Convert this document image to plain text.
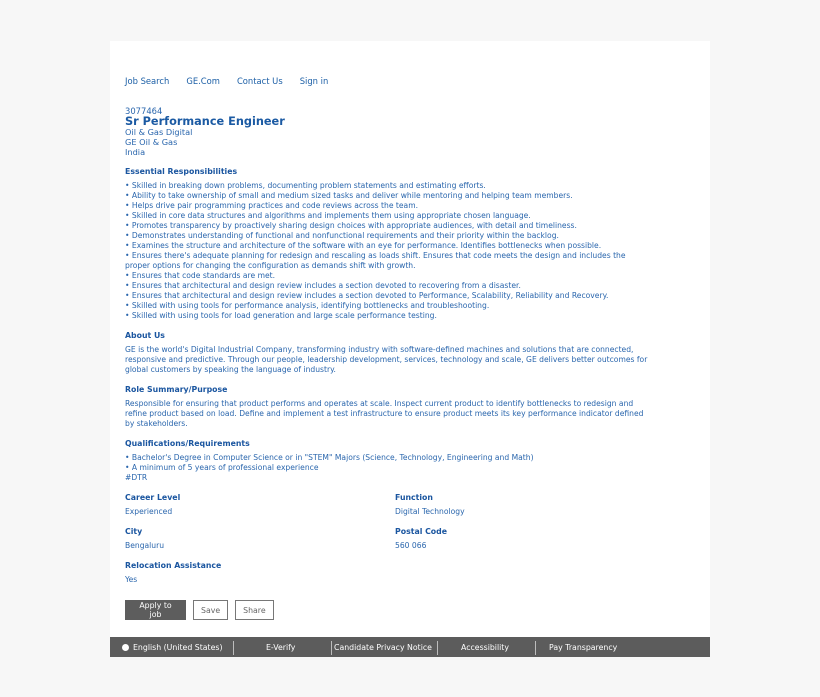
Job Search GE.Com Contact Us Sign in
3077464
Sr Performance Engineer
Oil & Gas Digital
GE Oil & Gas
India
Essential Responsibilities
• Skilled in breaking down problems, documenting problem statements and estimating efforts.
• Ability to take ownership of small and medium sized tasks and deliver while mentoring and helping team members.
• Helps drive pair programming practices and code reviews across the team.
• Skilled in core data structures and algorithms and implements them using appropriate chosen language.
• Promotes transparency by proactively sharing design choices with appropriate audiences, with detail and timeliness.
• Demonstrates understanding of functional and nonfunctional requirements and their priority within the backlog.
• Examines the structure and architecture of the software with an eye for performance. Identifies bottlenecks when possible.
• Ensures there's adequate planning for redesign and rescaling as loads shift. Ensures that code meets the design and includes the proper options for changing the configuration as demands shift with growth.
• Ensures that code standards are met.
• Ensures that architectural and design review includes a section devoted to recovering from a disaster.
• Ensures that architectural and design review includes a section devoted to Performance, Scalability, Reliability and Recovery.
• Skilled with using tools for performance analysis, identifying bottlenecks and troubleshooting.
• Skilled with using tools for load generation and large scale performance testing.
About Us
GE is the world's Digital Industrial Company, transforming industry with software-defined machines and solutions that are connected, responsive and predictive. Through our people, leadership development, services, technology and scale, GE delivers better outcomes for global customers by speaking the language of industry.
Role Summary/Purpose
Responsible for ensuring that product performs and operates at scale. Inspect current product to identify bottlenecks to redesign and refine product based on load. Define and implement a test infrastructure to ensure product meets its key performance indicator defined by stakeholders.
Qualifications/Requirements
• Bachelor's Degree in Computer Science or in "STEM" Majors (Science, Technology, Engineering and Math)
• A minimum of 5 years of professional experience
#DTR
Career Level
Experienced
Function
Digital Technology
City
Bengaluru
Postal Code
560 066
Relocation Assistance
Yes
Apply to job	Save	Share
English (United States)	E-Verify	Candidate Privacy Notice	Accessibility	Pay Transparency
